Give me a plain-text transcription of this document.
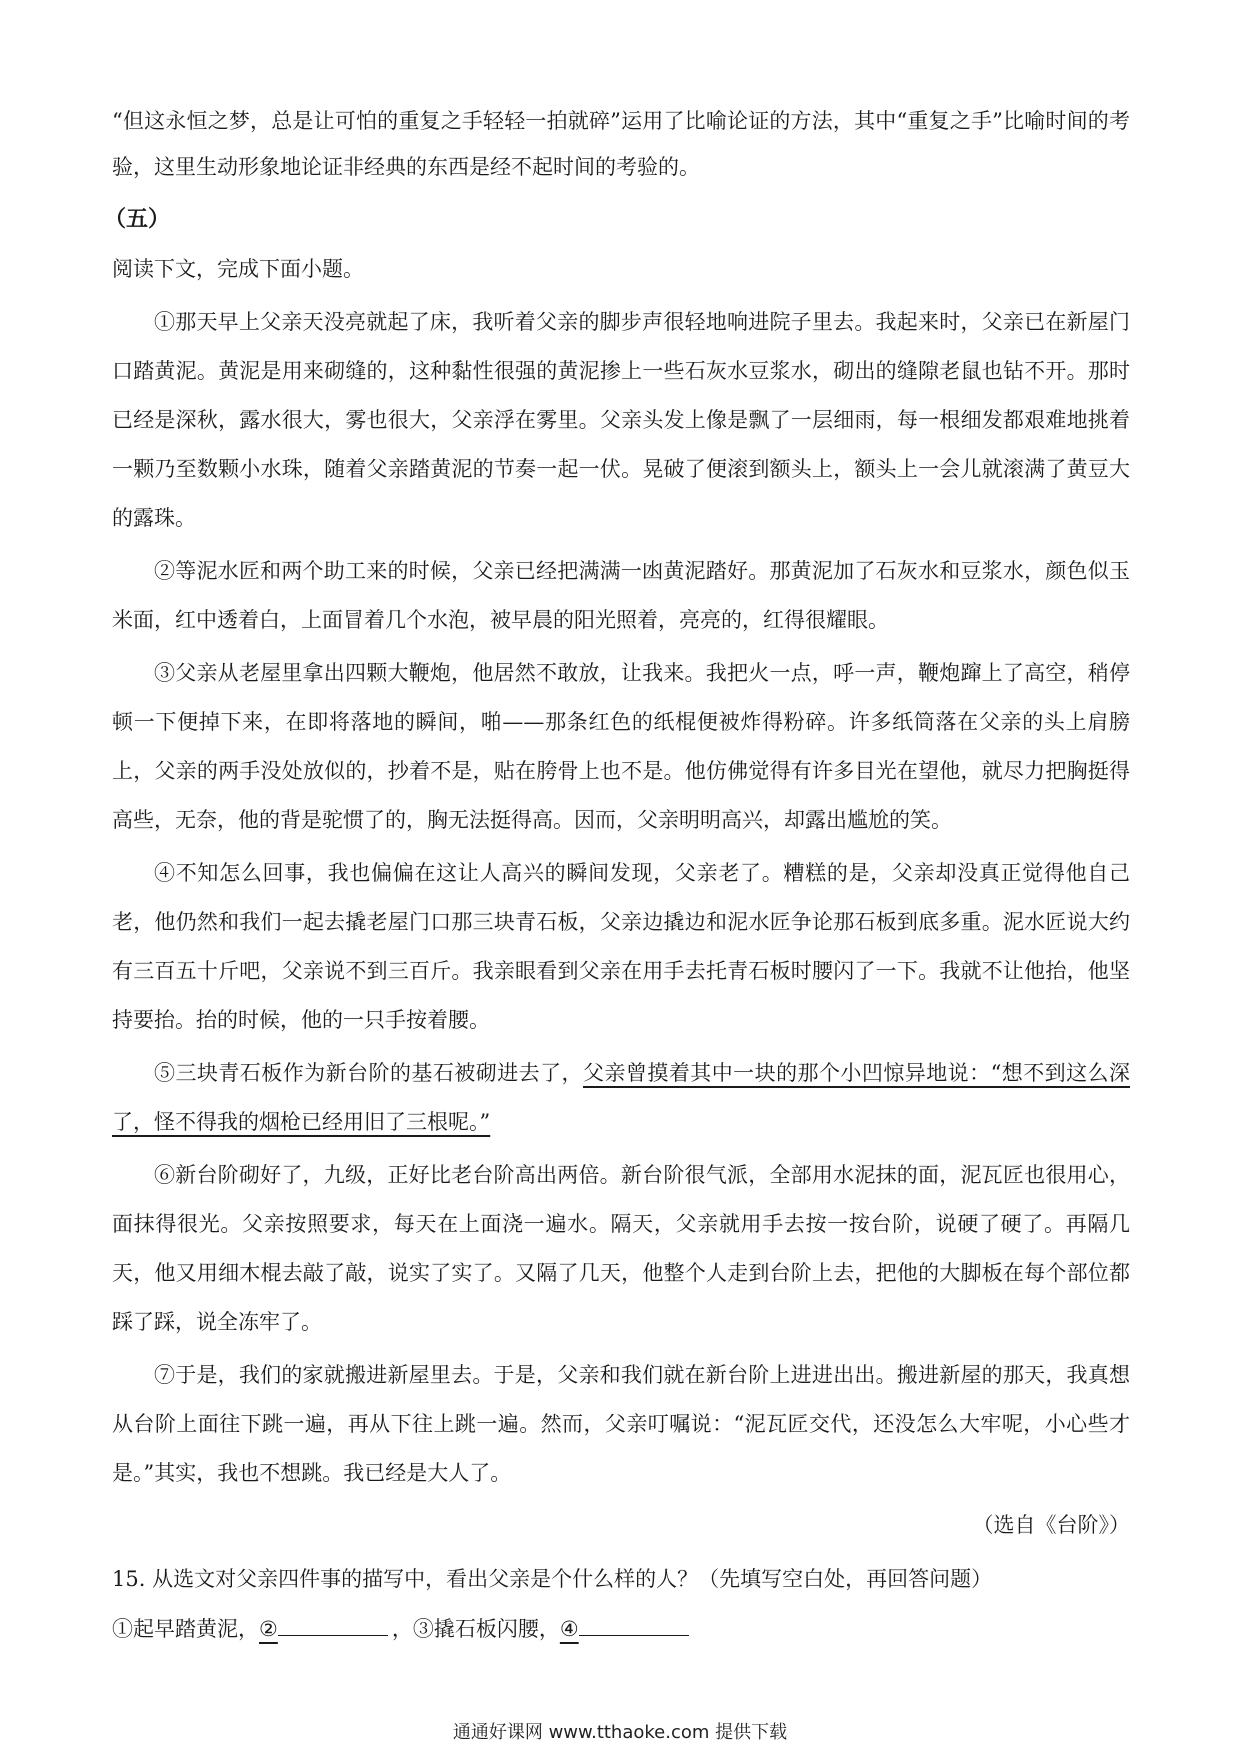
“但这永恒之梦，总是让可怕的重复之手轻轻一拍就碎”运用了比喻论证的方法，其中“重复之手”比喻时间的考验，这里生动形象地论证非经典的东西是经不起时间的考验的。

（五）

阅读下文，完成下面小题。

①那天早上父亲天没亮就起了床，我听着父亲的脚步声很轻地响进院子里去。我起来时，父亲已在新屋门口踏黄泥。黄泥是用来砌缝的，这种黏性很强的黄泥掺上一些石灰水豆浆水，砌出的缝隙老鼠也钻不开。那时已经是深秋，露水很大，雾也很大，父亲浮在雾里。父亲头发上像是飘了一层细雨，每一根细发都艰难地挑着一颗乃至数颗小水珠，随着父亲踏黄泥的节奏一起一伏。晃破了便滚到额头上，额头上一会儿就滚满了黄豆大的露珠。

②等泥水匠和两个助工来的时候，父亲已经把满满一凼黄泥踏好。那黄泥加了石灰水和豆浆水，颜色似玉米面，红中透着白，上面冒着几个水泡，被早晨的阳光照着，亮亮的，红得很耀眼。

③父亲从老屋里拿出四颗大鞭炮，他居然不敢放，让我来。我把火一点，呼一声，鞭炮蹿上了高空，稍停顿一下便掉下来，在即将落地的瞬间，啪——那条红色的纸棍便被炸得粉碎。许多纸筒落在父亲的头上肩膀上，父亲的两手没处放似的，抄着不是，贴在胯骨上也不是。他仿佛觉得有许多目光在望他，就尽力把胸挺得高些，无奈，他的背是驼惯了的，胸无法挺得高。因而，父亲明明高兴，却露出尴尬的笑。

④不知怎么回事，我也偏偏在这让人高兴的瞬间发现，父亲老了。糟糕的是，父亲却没真正觉得他自己老，他仍然和我们一起去撬老屋门口那三块青石板，父亲边撬边和泥水匠争论那石板到底多重。泥水匠说大约有三百五十斤吧，父亲说不到三百斤。我亲眼看到父亲在用手去托青石板时腰闪了一下。我就不让他抬，他坚持要抬。抬的时候，他的一只手按着腰。

⑤三块青石板作为新台阶的基石被砌进去了，父亲曾摸着其中一块的那个小凹惊异地说：“想不到这么深了，怪不得我的烟枪已经用旧了三根呢。”

⑥新台阶砌好了，九级，正好比老台阶高出两倍。新台阶很气派，全部用水泥抹的面，泥瓦匠也很用心，面抹得很光。父亲按照要求，每天在上面浇一遍水。隔天，父亲就用手去按一按台阶，说硬了硬了。再隔几天，他又用细木棍去敲了敲，说实了实了。又隔了几天，他整个人走到台阶上去，把他的大脚板在每个部位都踩了踩，说全冻牢了。

⑦于是，我们的家就搬进新屋里去。于是，父亲和我们就在新台阶上进进出出。搬进新屋的那天，我真想从台阶上面往下跳一遍，再从下往上跳一遍。然而，父亲叮嘱说：“泥瓦匠交代，还没怎么大牢呢，小心些才是。”其实，我也不想跳。我已经是大人了。

（选自《台阶》）

15. 从选文对父亲四件事的描写中，看出父亲是个什么样的人？（先填写空白处，再回答问题）

①起早踏黄泥， ②	，③撬石板闪腰， ④
通通好课网 www.tthaoke.com 提供下载
